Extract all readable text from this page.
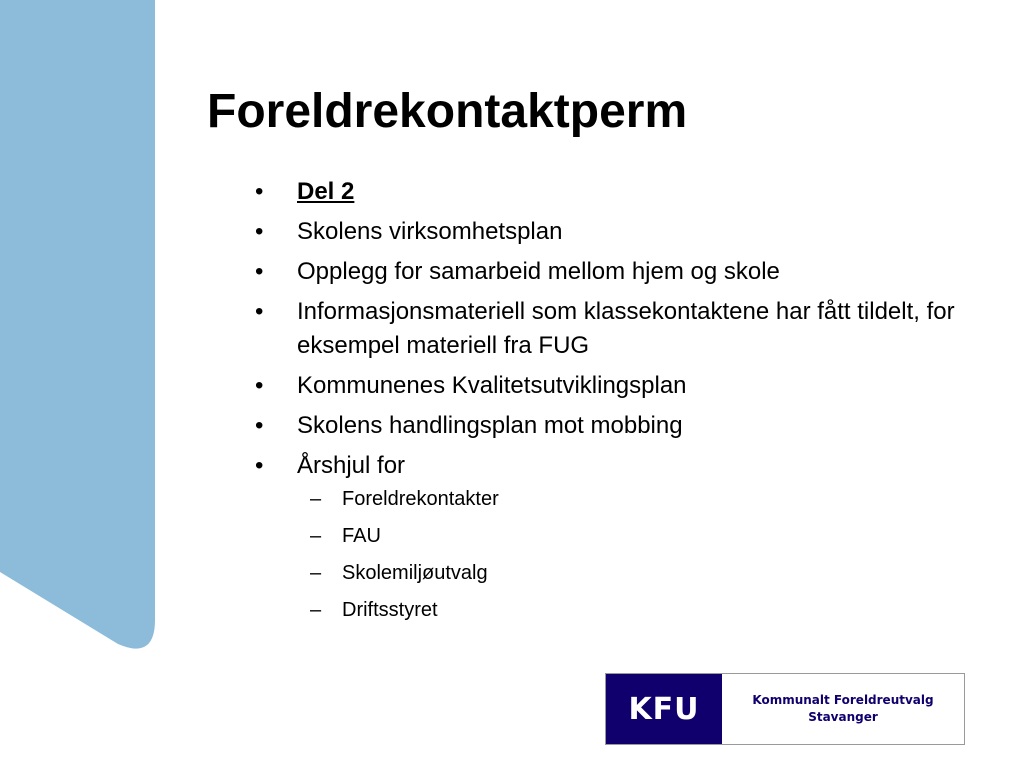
Foreldrekontaktperm
•	Del 2
•	Skolens virksomhetsplan
•	Opplegg for samarbeid mellom hjem og skole
•	Informasjonsmateriell som klassekontaktene har fått tildelt, for eksempel materiell fra FUG
•	Kommunenes Kvalitetsutviklingsplan
•	Skolens handlingsplan mot mobbing
•	Årshjul for
–	Foreldrekontakter
–	FAU
–	Skolemiljøutvalg
–	Driftsstyret
KFU	Kommunalt Foreldreutvalg
Stavanger
